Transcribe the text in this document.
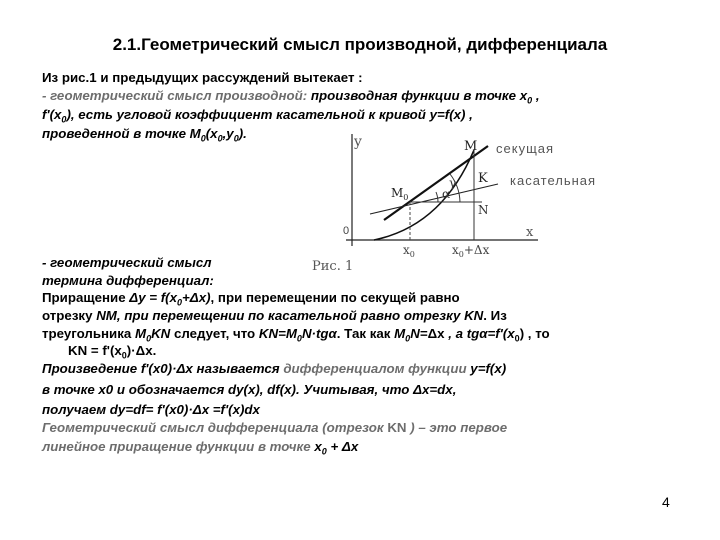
2.1.Геометрический смысл производной, дифференциала
Из рис.1 и предыдущих рассуждений вытекает :
- геометрический смысл производной: производная функции в точке $x_0$ ,
$f'(x_0)$, есть угловой коэффициент касательной к кривой y=f(x) ,
проведенной в точке $M_0(x_0,y_0)$.
y
x
0
M секущая
K касательная
$M_0$	α
γ
N
$x_0$	$x_0+\Delta x$
Рис. 1
- геометрический смысл
термина дифференциал:
Приращение $\Delta y = f(x_0+\Delta x)$, при перемещении по секущей равно
отрезку NM, при перемещении по касательной равно отрезку KN. Из
треугольника $M_0KN$ следует, что $KN=M_0N\cdot tg\alpha$. Так как $M_0N=\Delta x$ , а $tg\alpha=f'(x_0)$ , то
KN = $f'(x_0)\cdot\Delta x$.
Произведение f'(x0)·Δx называется дифференциалом функции y=f(x)
в точке x0 и обозначается dy(x), df(x). Учитывая, что Δx=dx,
получаем dy=df= f'(x0)·Δx =f'(x)dx
Геометрический смысл дифференциала (отрезок KN ) – это первое
линейное приращение функции в точке $x_0 + \Delta x$
4
